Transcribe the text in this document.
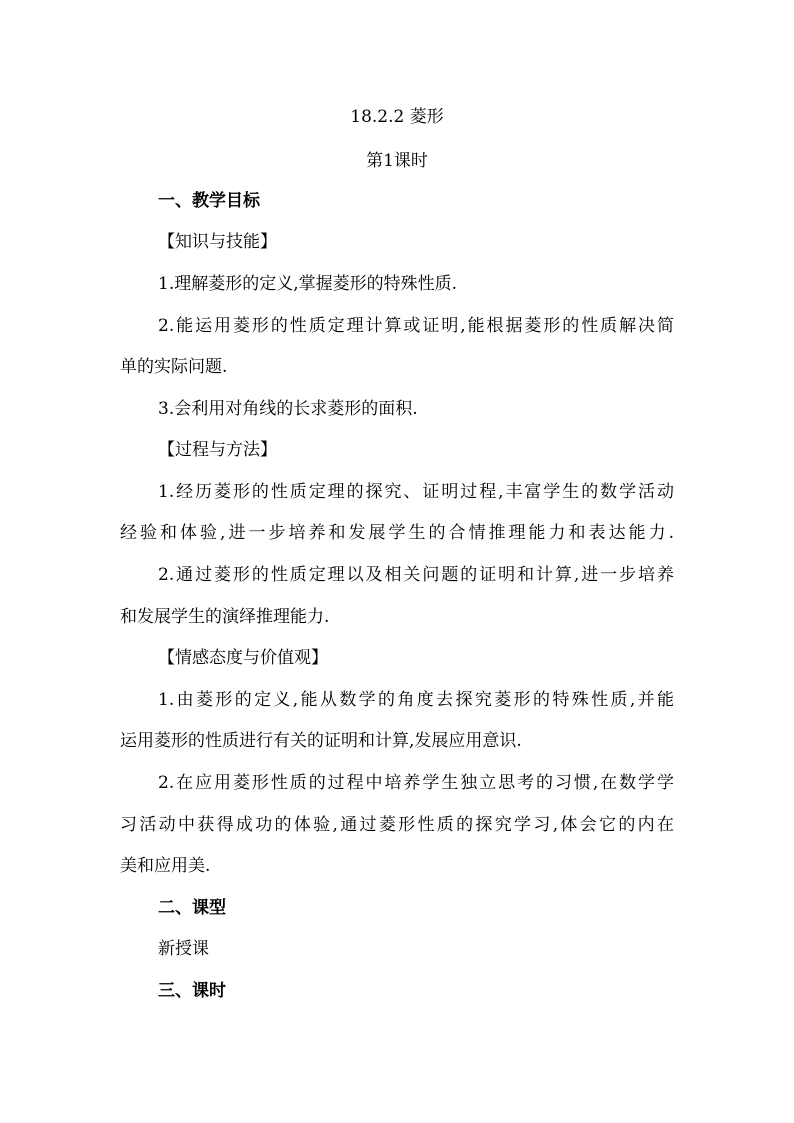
18.2.2 菱形
第1课时
一、教学目标
【知识与技能】
1.理解菱形的定义,掌握菱形的特殊性质.
2.能运用菱形的性质定理计算或证明,能根据菱形的性质解决简
单的实际问题.
3.会利用对角线的长求菱形的面积.
【过程与方法】
1.经历菱形的性质定理的探究、证明过程,丰富学生的数学活动
经验和体验,进一步培养和发展学生的合情推理能力和表达能力.
2.通过菱形的性质定理以及相关问题的证明和计算,进一步培养
和发展学生的演绎推理能力.
【情感态度与价值观】
1.由菱形的定义,能从数学的角度去探究菱形的特殊性质,并能
运用菱形的性质进行有关的证明和计算,发展应用意识.
2.在应用菱形性质的过程中培养学生独立思考的习惯,在数学学
习活动中获得成功的体验,通过菱形性质的探究学习,体会它的内在
美和应用美.
二、课型
新授课
三、课时
